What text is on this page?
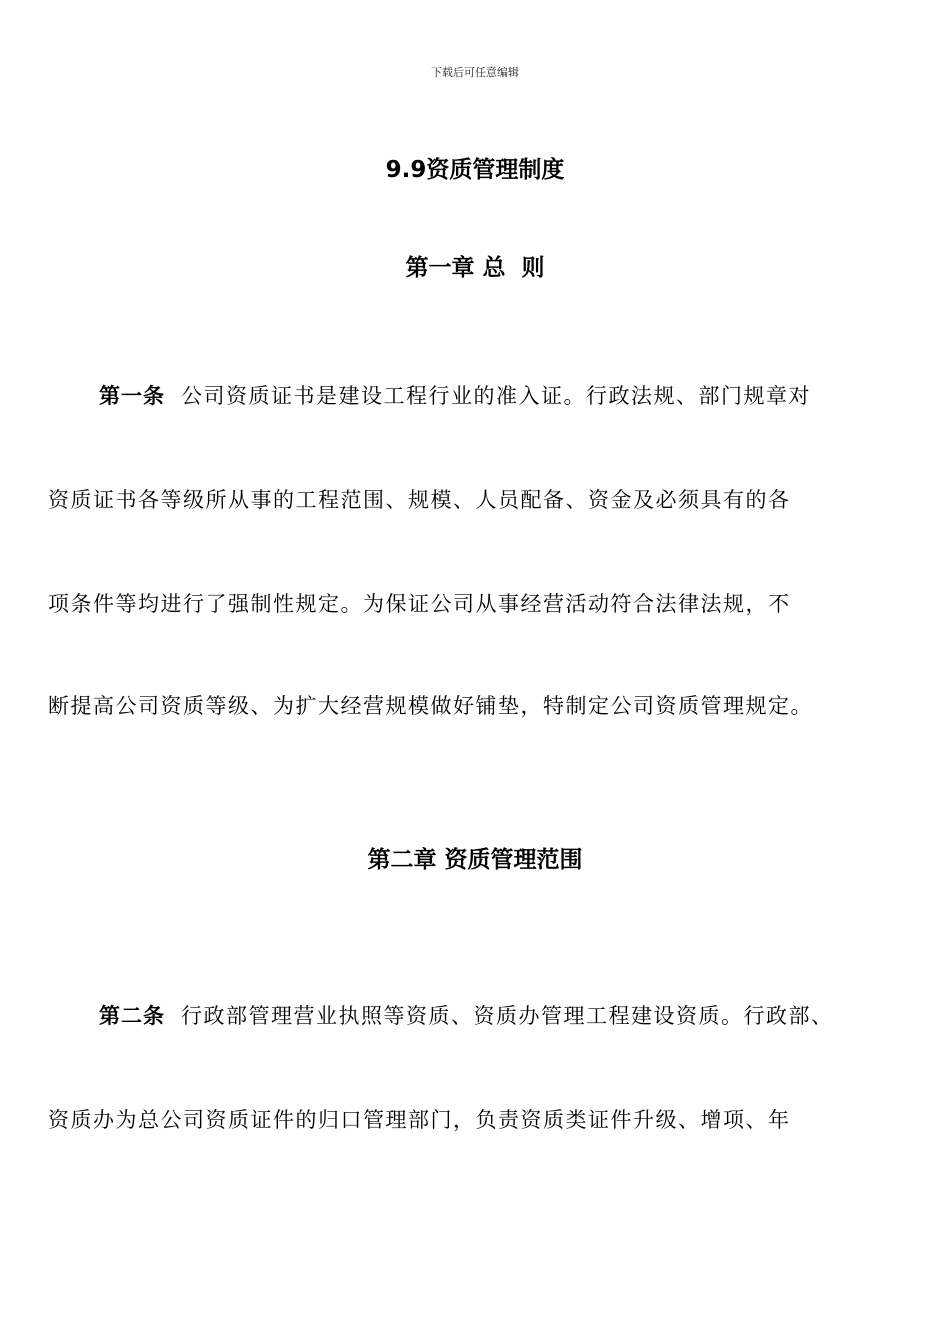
下载后可任意编辑
9.9资质管理制度
第一章 总  则
第一条 公司资质证书是建设工程行业的准入证。行政法规、部门规章对
资质证书各等级所从事的工程范围、规模、人员配备、资金及必须具有的各
项条件等均进行了强制性规定。为保证公司从事经营活动符合法律法规，不
断提高公司资质等级、为扩大经营规模做好铺垫，特制定公司资质管理规定。
第二章 资质管理范围
第二条 行政部管理营业执照等资质、资质办管理工程建设资质。行政部、
资质办为总公司资质证件的归口管理部门，负责资质类证件升级、增项、年
